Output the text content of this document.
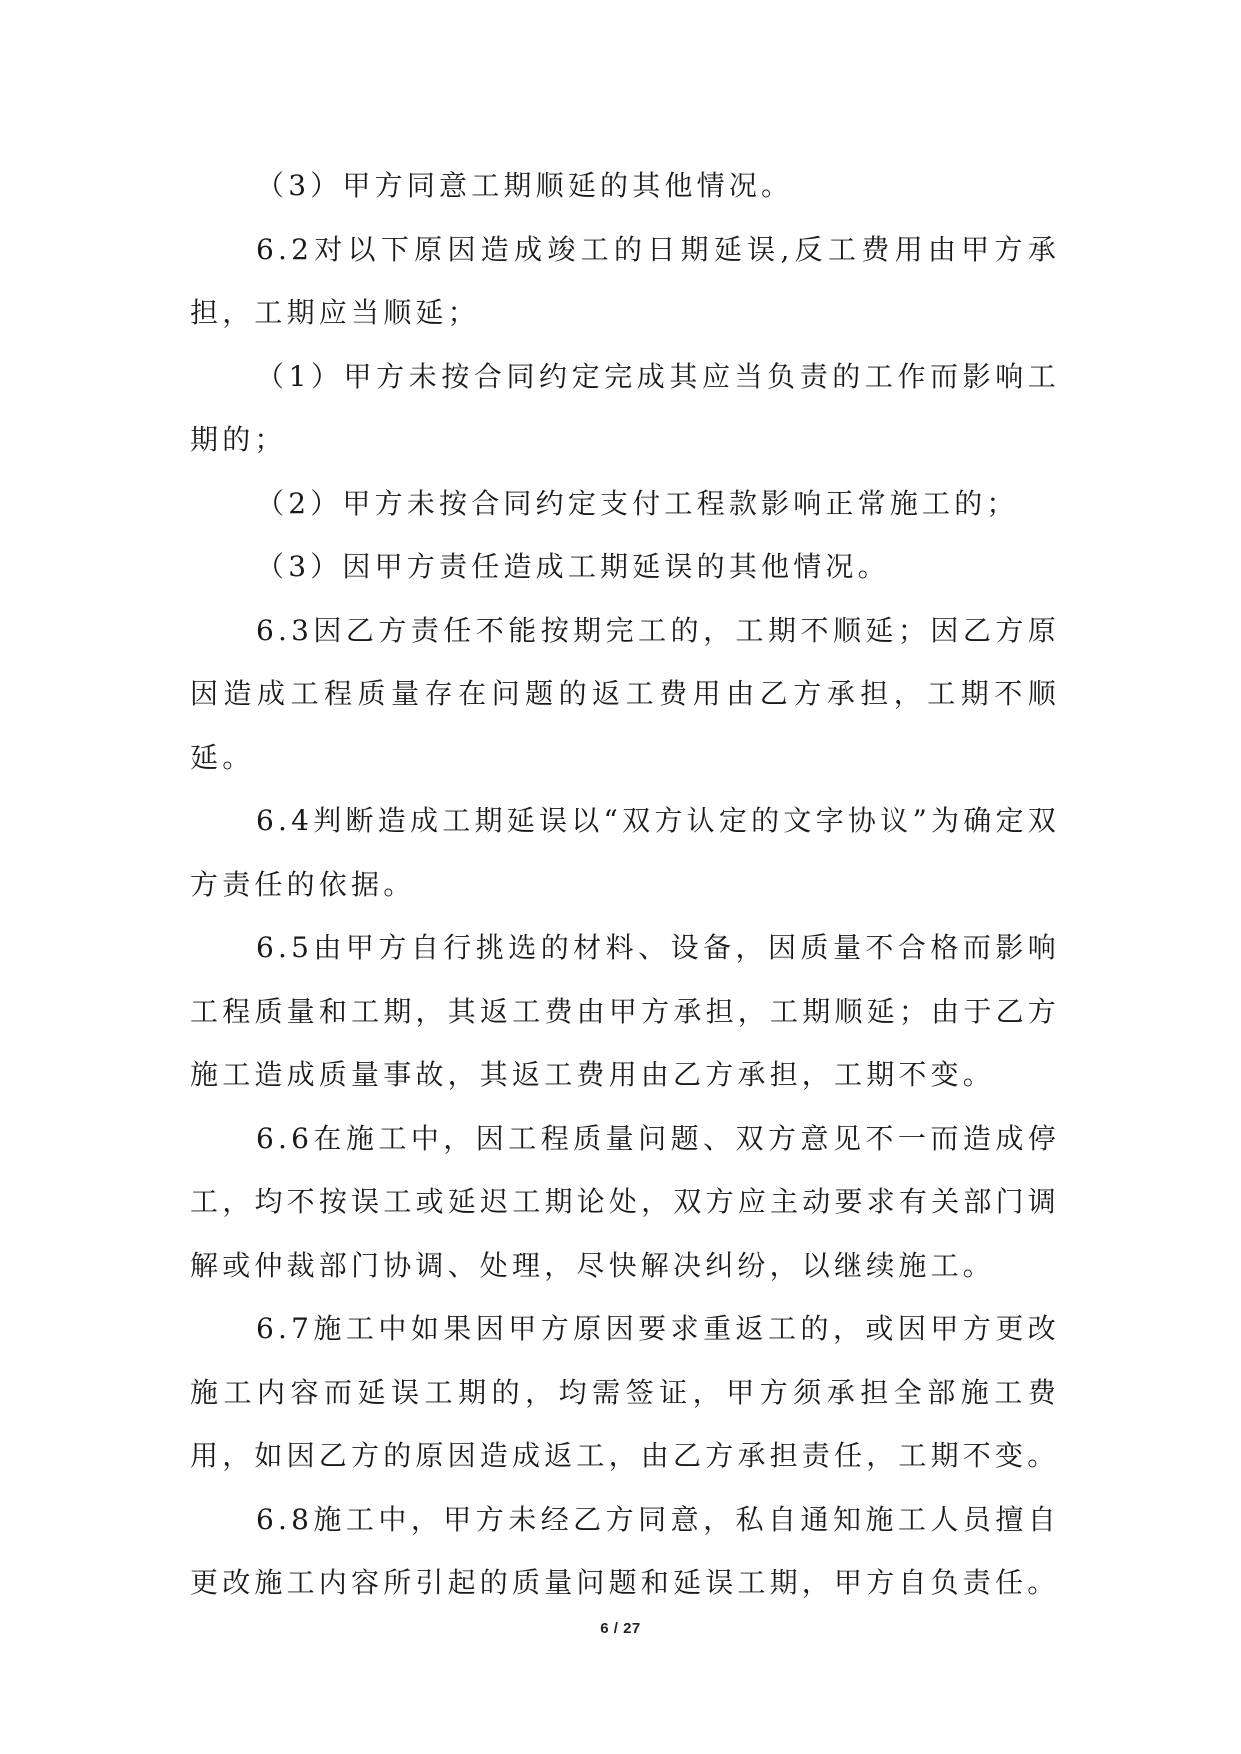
（3）甲方同意工期顺延的其他情况。

6.2对以下原因造成竣工的日期延误,反工费用由甲方承担，工期应当顺延；

（1）甲方未按合同约定完成其应当负责的工作而影响工期的；

（2）甲方未按合同约定支付工程款影响正常施工的；

（3）因甲方责任造成工期延误的其他情况。

6.3因乙方责任不能按期完工的，工期不顺延；因乙方原因造成工程质量存在问题的返工费用由乙方承担，工期不顺延。

6.4判断造成工期延误以“双方认定的文字协议”为确定双方责任的依据。

6.5由甲方自行挑选的材料、设备，因质量不合格而影响工程质量和工期，其返工费由甲方承担，工期顺延；由于乙方施工造成质量事故，其返工费用由乙方承担，工期不变。

6.6在施工中，因工程质量问题、双方意见不一而造成停工，均不按误工或延迟工期论处，双方应主动要求有关部门调解或仲裁部门协调、处理，尽快解决纠纷，以继续施工。

6.7施工中如果因甲方原因要求重返工的，或因甲方更改施工内容而延误工期的，均需签证，甲方须承担全部施工费用，如因乙方的原因造成返工，由乙方承担责任，工期不变。

6.8施工中，甲方未经乙方同意，私自通知施工人员擅自更改施工内容所引起的质量问题和延误工期，甲方自负责任。

6 / 27
